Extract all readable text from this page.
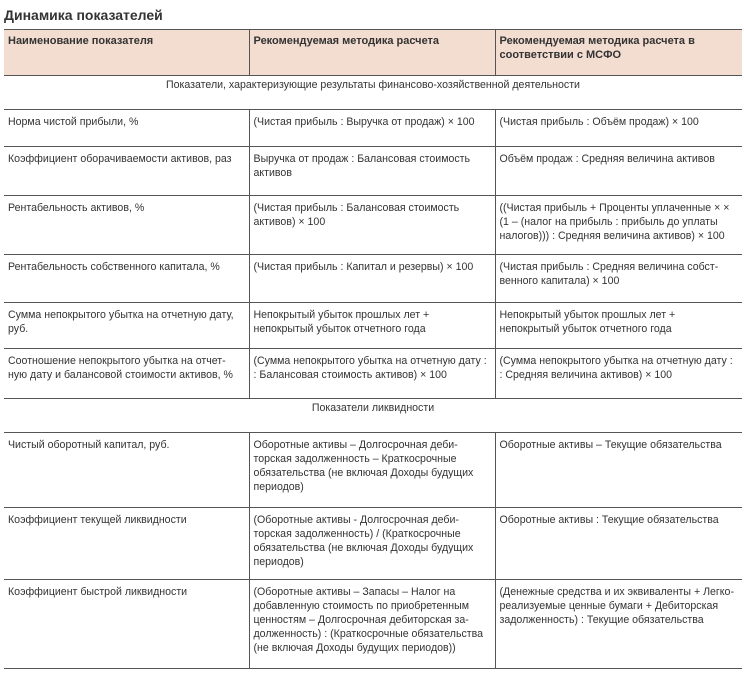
Динамика показателей
Наименование показателя	Рекомендуемая методика расчета	Рекомендуемая методика расчета в соответствии с МСФО
Показатели, характеризующие результаты финансово-хозяйственной деятельности		
Норма чистой прибыли, %	(Чистая прибыль : Выручка от продаж) × 100	(Чистая прибыль : Объём продаж) × 100
Коэффициент оборачиваемости активов, раз	Выручка от продаж : Балансовая стоимость активов	Объём продаж : Средняя величина активов
Рентабельность активов, %	(Чистая прибыль : Балансовая стоимость активов) × 100	((Чистая прибыль + Проценты уплаченные × × (1 – (налог на прибыль : прибыль до уплаты налогов))) : Средняя величина активов) × 100
Рентабельность собственного капитала, %	(Чистая прибыль : Капитал и резервы) × 100	(Чистая прибыль : Средняя величина собст-венного капитала) × 100
Сумма непокрытого убытка на отчетную дату, руб.	Непокрытый убыток прошлых лет + непокрытый убыток отчетного года	Непокрытый убыток прошлых лет + непокрытый убыток отчетного года
Соотношение непокрытого убытка на отчет-ную дату и балансовой стоимости активов, %	(Сумма непокрытого убытка на отчетную дату : : Балансовая стоимость активов) × 100	(Сумма непокрытого убытка на отчетную дату : : Средняя величина активов) × 100
Показатели ликвидности		
Чистый оборотный капитал, руб.	Оборотные активы – Долгосрочная деби-торская задолженность – Краткосрочные обязательства (не включая Доходы будущих периодов)	Оборотные активы – Текущие обязательства
Коэффициент текущей ликвидности	(Оборотные активы - Долгосрочная деби-торская задолженность) / (Краткосрочные обязательства (не включая Доходы будущих периодов)	Оборотные активы : Текущие обязательства
Коэффициент быстрой ликвидности	(Оборотные активы – Запасы – Налог на добавленную стоимость по приобретенным ценностям – Долгосрочная дебиторская за-долженность) : (Краткосрочные обязательства (не включая Доходы будущих периодов))	(Денежные средства и их эквиваленты + Легко-реализуемые ценные бумаги + Дебиторская задолженность) : Текущие обязательства
